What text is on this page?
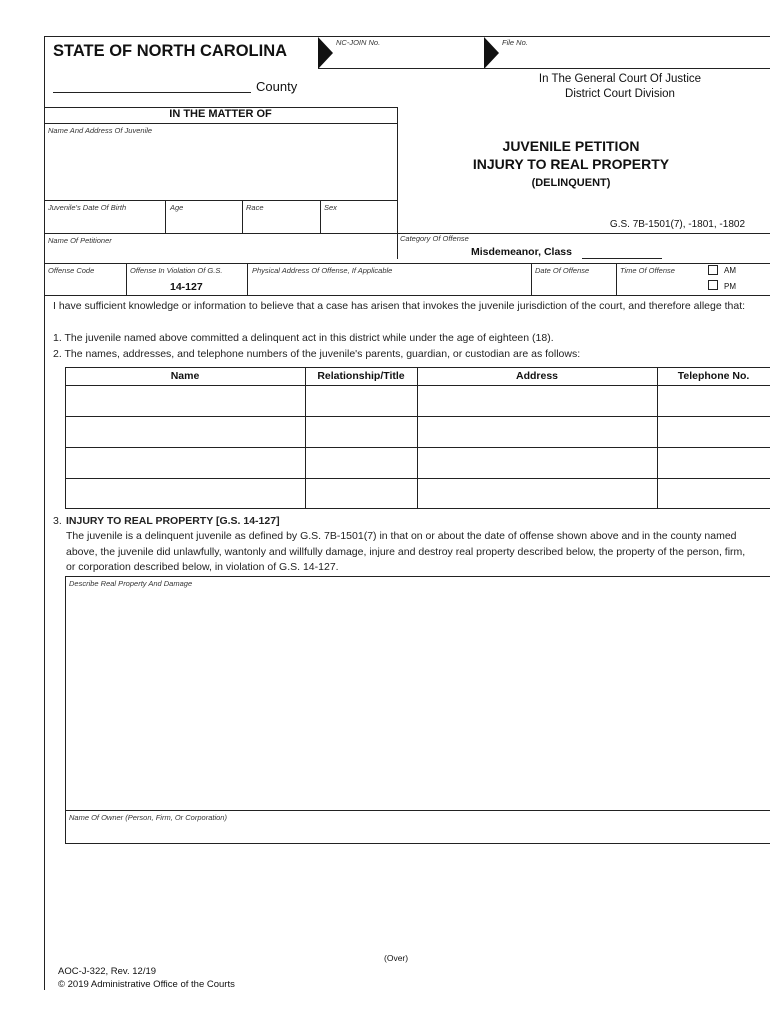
STATE OF NORTH CAROLINA	NC-JOIN No.	File No.
County	In The General Court Of Justice
District Court Division
IN THE MATTER OF
Name And Address Of Juvenile
Juvenile's Date Of Birth	Age	Race	Sex
Name Of Petitioner
JUVENILE PETITION
INJURY TO REAL PROPERTY
(DELINQUENT)
G.S. 7B-1501(7), -1801, -1802
Category Of Offense
Misdemeanor, Class
Offense Code	Offense In Violation Of G.S.
14-127
Physical Address Of Offense, If Applicable	Date Of Offense	Time Of Offense	AM
PM
I have sufficient knowledge or information to believe that a case has arisen that invokes the juvenile jurisdiction of the court, and therefore allege that:
1. The juvenile named above committed a delinquent act in this district while under the age of eighteen (18).
2. The names, addresses, and telephone numbers of the juvenile's parents, guardian, or custodian are as follows:
Name	Relationship/Title	Address	Telephone No.
3. INJURY TO REAL PROPERTY [G.S. 14-127]
The juvenile is a delinquent juvenile as defined by G.S. 7B-1501(7) in that on or about the date of offense shown above and in the county named above, the juvenile did unlawfully, wantonly and willfully damage, injure and destroy real property described below, the property of the person, firm, or corporation described below, in violation of G.S. 14-127.
Describe Real Property And Damage
Name Of Owner (Person, Firm, Or Corporation)
(Over)
AOC-J-322, Rev. 12/19
© 2019 Administrative Office of the Courts
